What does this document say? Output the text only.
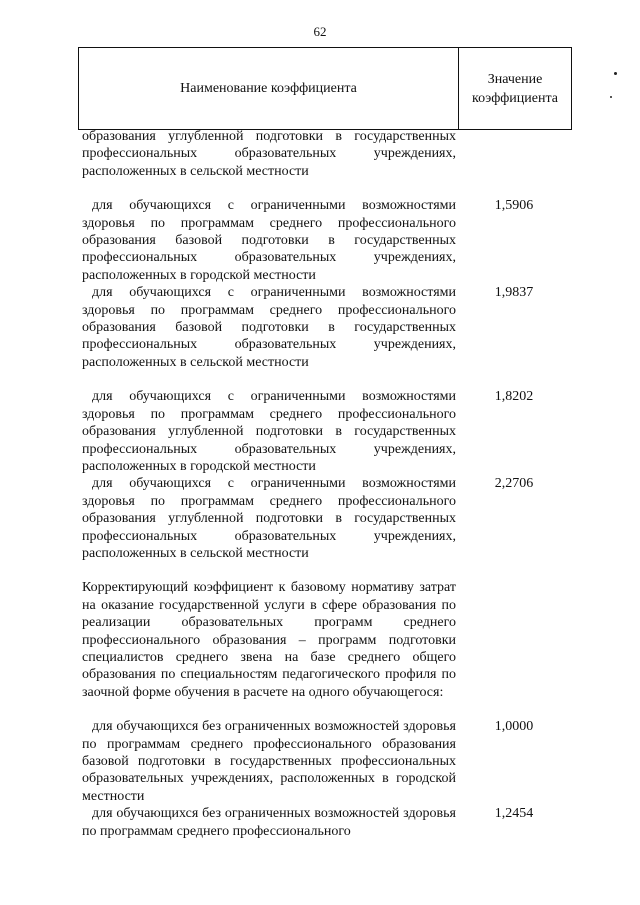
62
Наименование коэффициента
Значение
коэффициента
образования углубленной подготовки в государственных профессиональных образовательных учреждениях, расположенных в сельской местности
для обучающихся с ограниченными возможностями здоровья по программам среднего профессионального образования базовой подготовки в государственных профессиональных образовательных учреждениях, расположенных в городской местности
1,5906
для обучающихся с ограниченными возможностями здоровья по программам среднего профессионального образования базовой подготовки в государственных профессиональных образовательных учреждениях, расположенных в сельской местности
1,9837
для обучающихся с ограниченными возможностями здоровья по программам среднего профессионального образования углубленной подготовки в государственных профессиональных образовательных учреждениях, расположенных в городской местности
1,8202
для обучающихся с ограниченными возможностями здоровья по программам среднего профессионального образования углубленной подготовки в государственных профессиональных образовательных учреждениях, расположенных в сельской местности
2,2706
Корректирующий коэффициент к базовому нормативу затрат на оказание государственной услуги в сфере образования по реализации образовательных программ среднего профессионального образования – программ подготовки специалистов среднего звена на базе среднего общего образования по специальностям педагогического профиля по заочной форме обучения в расчете на одного обучающегося:
для обучающихся без ограниченных возможностей здоровья по программам среднего профессионального образования базовой подготовки в государственных профессиональных образовательных учреждениях, расположенных в городской местности
1,0000
для обучающихся без ограниченных возможностей здоровья по программам среднего профессионального
1,2454
